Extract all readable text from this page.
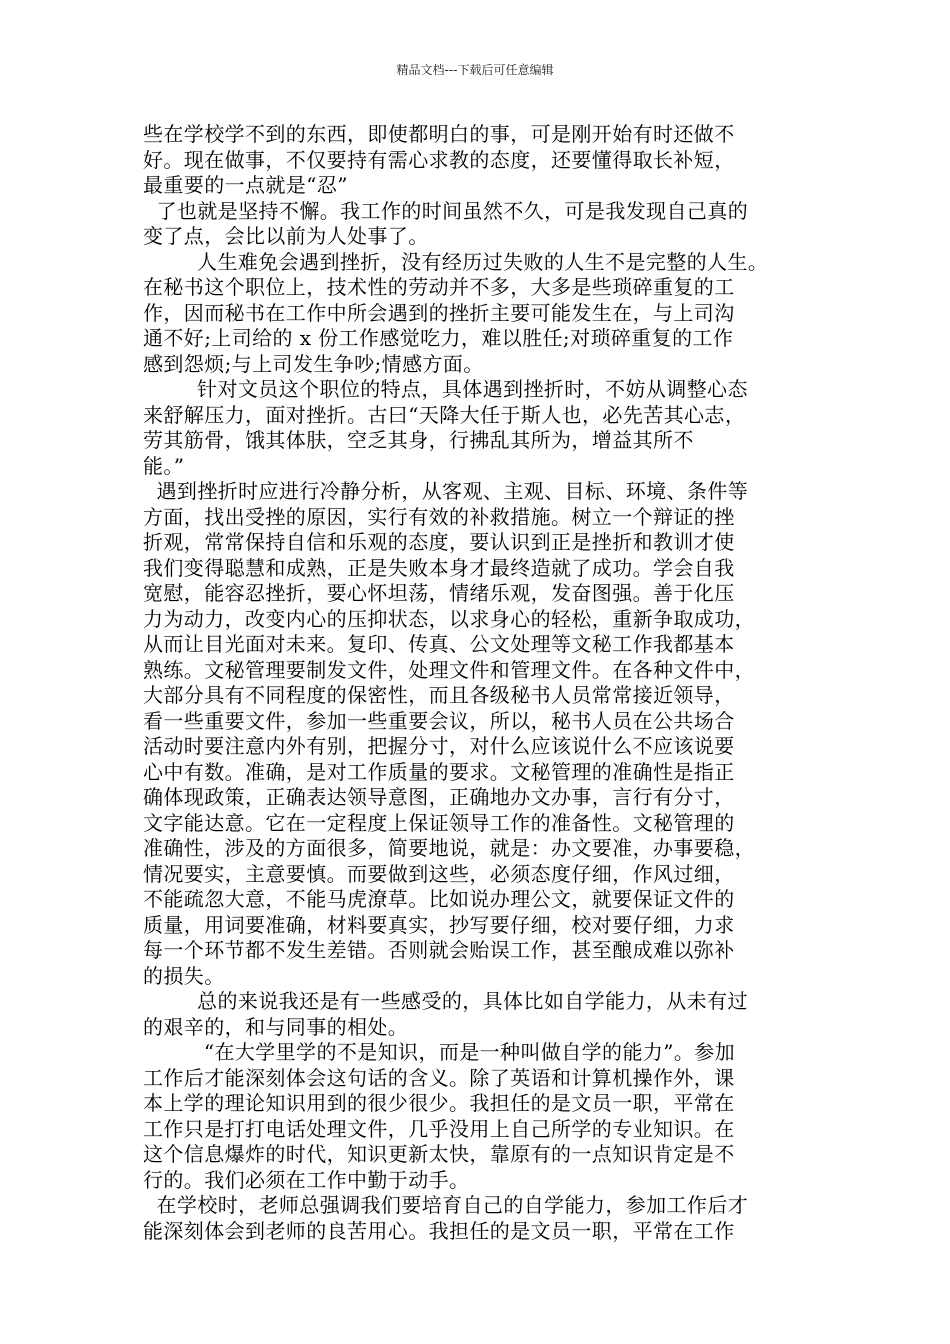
精品文档---下载后可任意编辑
些在学校学不到的东西，即使都明白的事，可是刚开始有时还做不
好。现在做事，不仅要持有需心求教的态度，还要懂得取长补短，
最重要的一点就是“忍”
了也就是坚持不懈。我工作的时间虽然不久，可是我发现自己真的
变了点，会比以前为人处事了。
人生难免会遇到挫折，没有经历过失败的人生不是完整的人生。
在秘书这个职位上，技术性的劳动并不多，大多是些琐碎重复的工
作，因而秘书在工作中所会遇到的挫折主要可能发生在，与上司沟
通不好;上司给的 x 份工作感觉吃力，难以胜任;对琐碎重复的工作
感到怨烦;与上司发生争吵;情感方面。
针对文员这个职位的特点，具体遇到挫折时，不妨从调整心态
来舒解压力，面对挫折。古曰“天降大任于斯人也，必先苦其心志，
劳其筋骨，饿其体肤，空乏其身，行拂乱其所为，增益其所不
能。”
遇到挫折时应进行冷静分析，从客观、主观、目标、环境、条件等
方面，找出受挫的原因，实行有效的补救措施。树立一个辩证的挫
折观，常常保持自信和乐观的态度，要认识到正是挫折和教训才使
我们变得聪慧和成熟，正是失败本身才最终造就了成功。学会自我
宽慰，能容忍挫折，要心怀坦荡，情绪乐观，发奋图强。善于化压
力为动力，改变内心的压抑状态，以求身心的轻松，重新争取成功，
从而让目光面对未来。复印、传真、公文处理等文秘工作我都基本
熟练。文秘管理要制发文件，处理文件和管理文件。在各种文件中，
大部分具有不同程度的保密性，而且各级秘书人员常常接近领导，
看一些重要文件，参加一些重要会议，所以，秘书人员在公共场合
活动时要注意内外有别，把握分寸，对什么应该说什么不应该说要
心中有数。准确，是对工作质量的要求。文秘管理的准确性是指正
确体现政策，正确表达领导意图，正确地办文办事，言行有分寸，
文字能达意。它在一定程度上保证领导工作的准备性。文秘管理的
准确性，涉及的方面很多，简要地说，就是：办文要准，办事要稳，
情况要实，主意要慎。而要做到这些，必须态度仔细，作风过细，
不能疏忽大意，不能马虎潦草。比如说办理公文，就要保证文件的
质量，用词要准确，材料要真实，抄写要仔细，校对要仔细，力求
每一个环节都不发生差错。否则就会贻误工作，甚至酿成难以弥补
的损失。
总的来说我还是有一些感受的，具体比如自学能力，从未有过
的艰辛的，和与同事的相处。
“在大学里学的不是知识，而是一种叫做自学的能力”。参加
工作后才能深刻体会这句话的含义。除了英语和计算机操作外，课
本上学的理论知识用到的很少很少。我担任的是文员一职，平常在
工作只是打打电话处理文件，几乎没用上自己所学的专业知识。在
这个信息爆炸的时代，知识更新太快，靠原有的一点知识肯定是不
行的。我们必须在工作中勤于动手。
在学校时，老师总强调我们要培育自己的自学能力，参加工作后才
能深刻体会到老师的良苦用心。我担任的是文员一职，平常在工作
